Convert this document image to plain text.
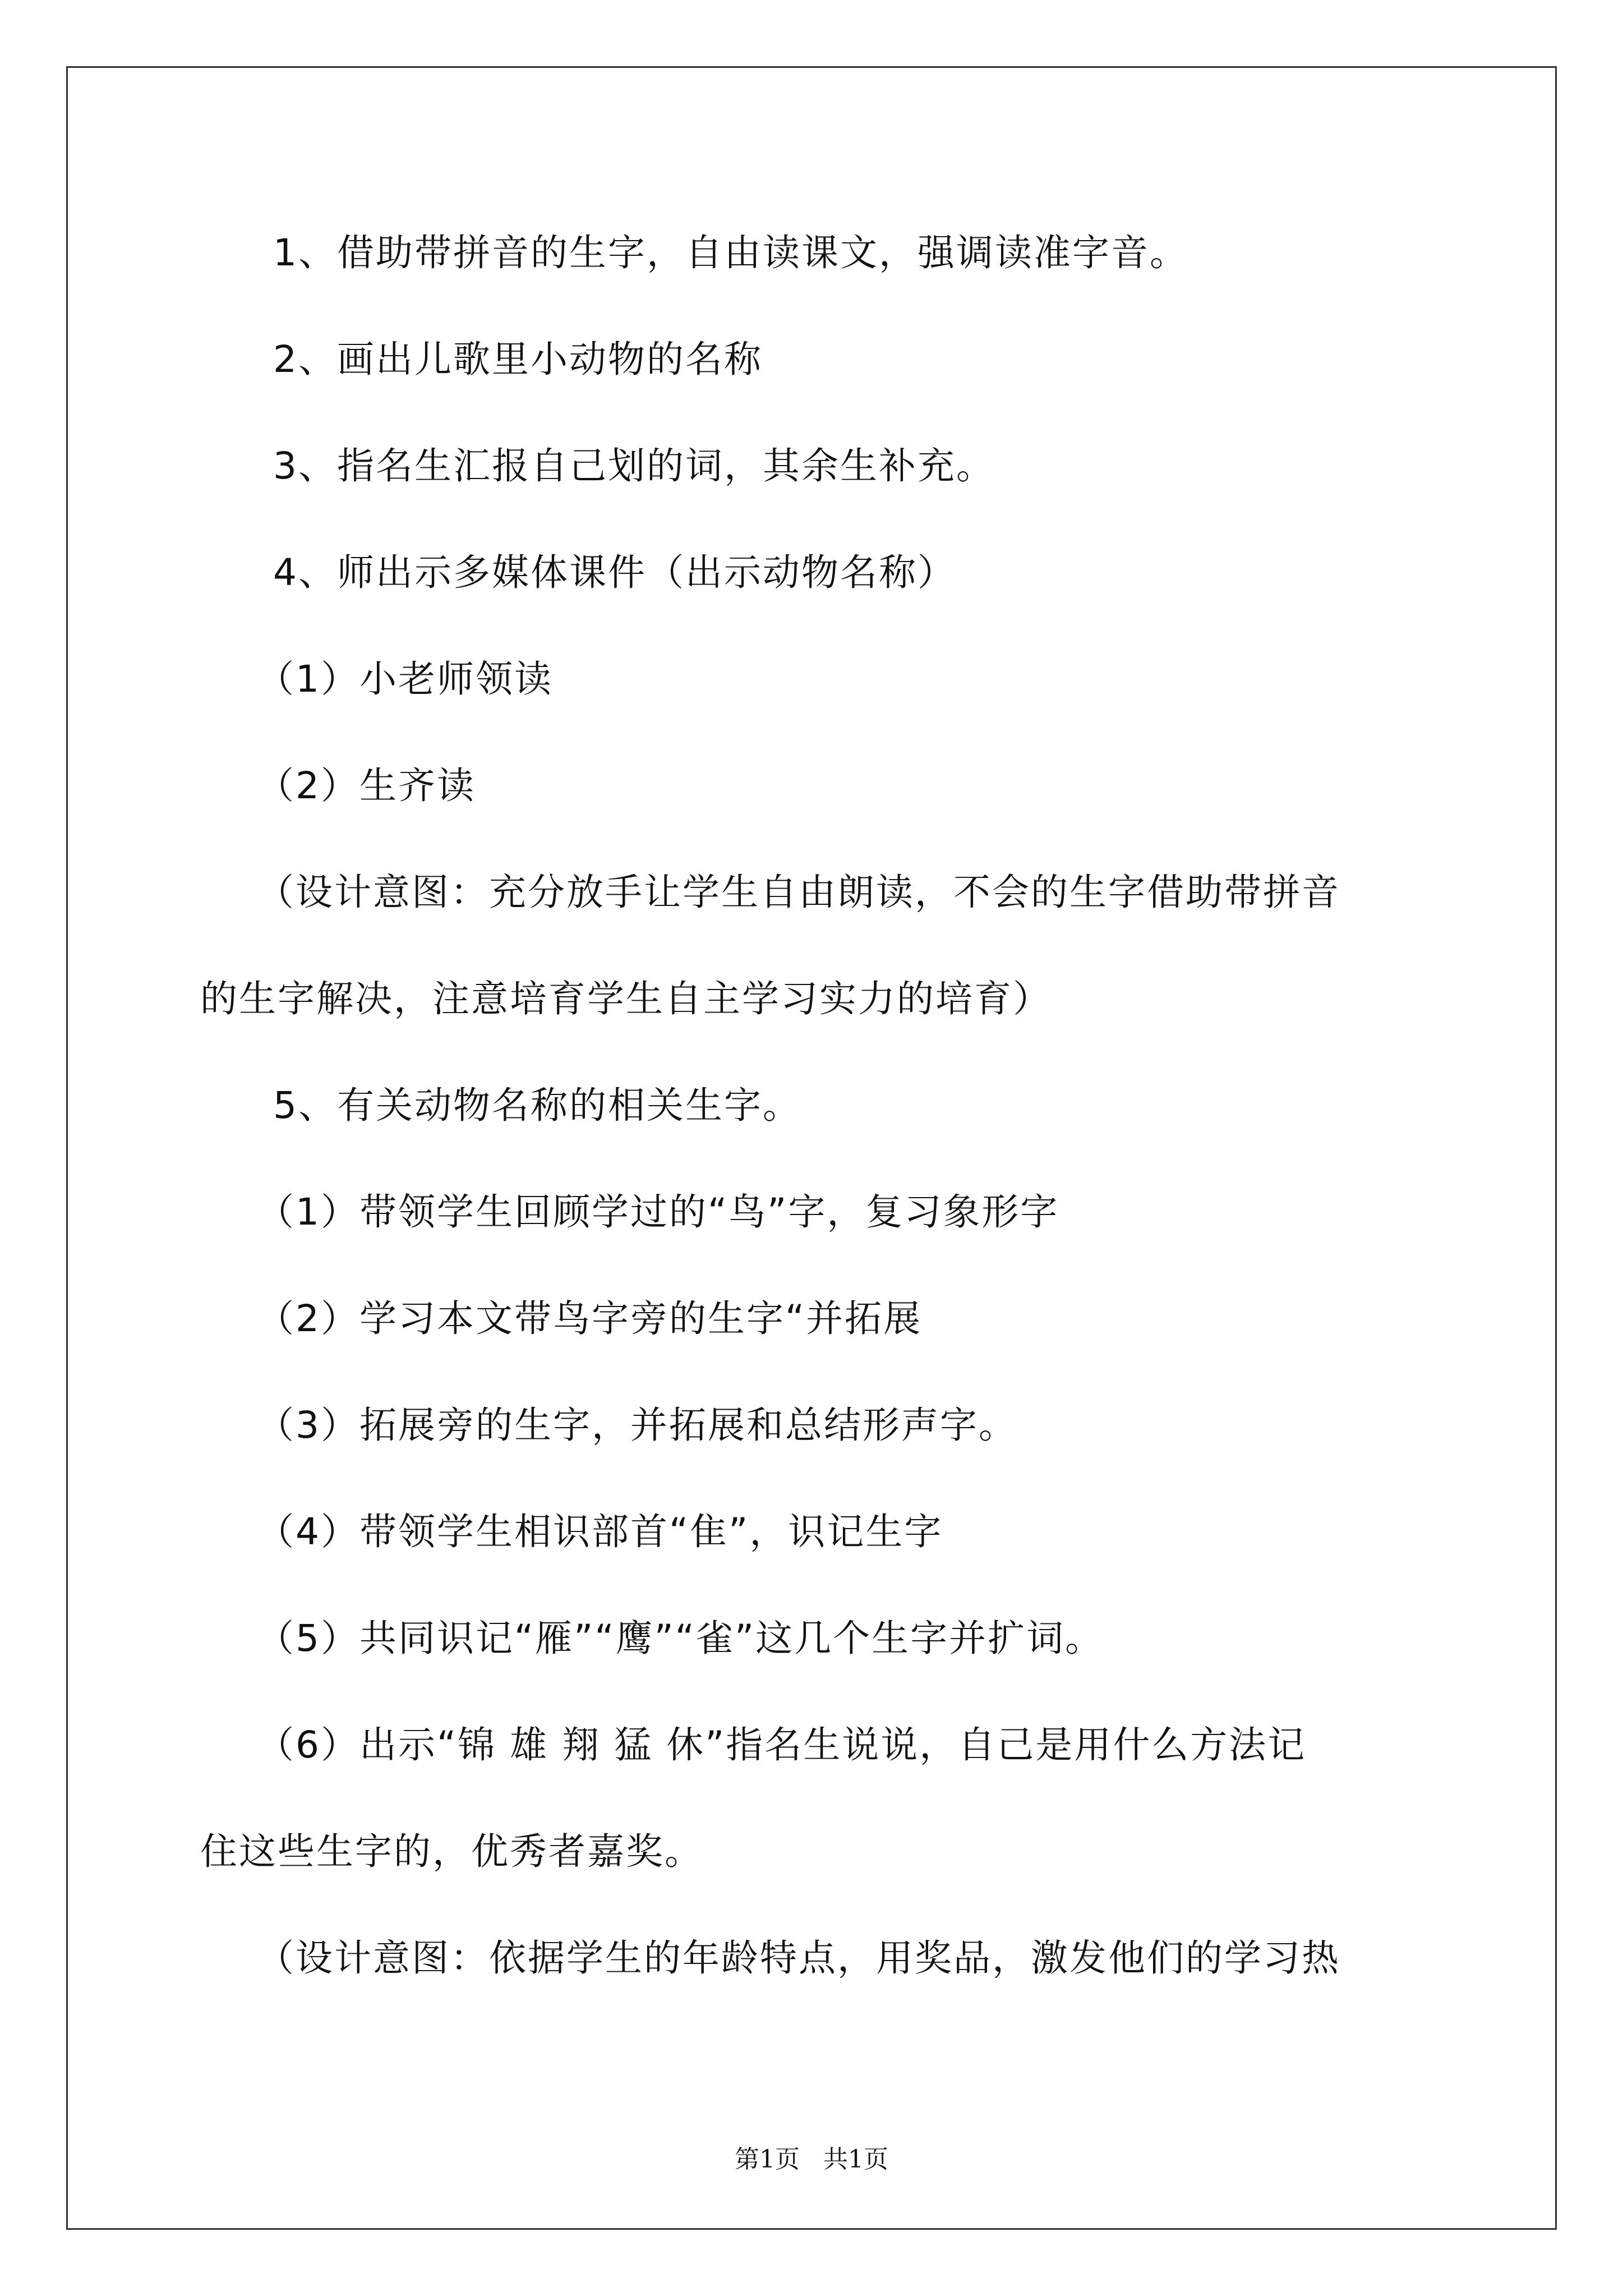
1、借助带拼音的生字，自由读课文，强调读准字音。

2、画出儿歌里小动物的名称

3、指名生汇报自己划的词，其余生补充。

4、师出示多媒体课件（出示动物名称）

（1）小老师领读

（2）生齐读

（设计意图：充分放手让学生自由朗读，不会的生字借助带拼音

的生字解决，注意培育学生自主学习实力的培育）

5、有关动物名称的相关生字。

（1）带领学生回顾学过的“鸟”字，复习象形字

（2）学习本文带鸟字旁的生字“并拓展

（3）拓展旁的生字，并拓展和总结形声字。

（4）带领学生相识部首“隹”，识记生字

（5）共同识记“雁”“鹰”“雀”这几个生字并扩词。

（6）出示“锦 雄 翔 猛 休”指名生说说，自己是用什么方法记

住这些生字的，优秀者嘉奖。

（设计意图：依据学生的年龄特点，用奖品，激发他们的学习热

第1页   共1页
